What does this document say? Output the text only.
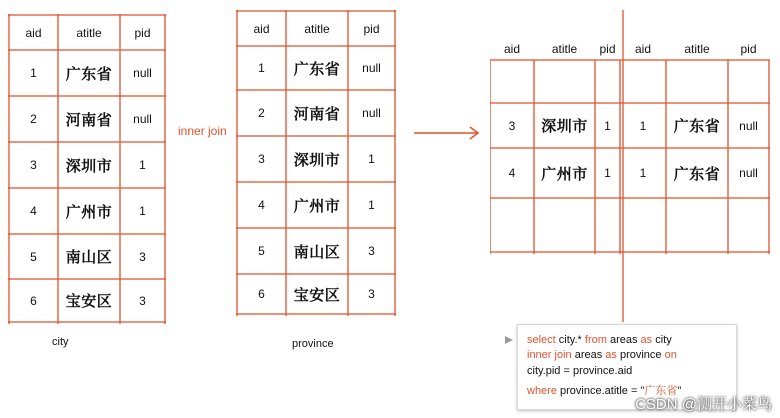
aid	atitle	pid
1	广东省	null
2	河南省	null
3	深圳市	1
4	广州市	1
5	南山区	3
6	宝安区	3
city
inner join
aid	atitle	pid
1	广东省	null
2	河南省	null
3	深圳市	1
4	广州市	1
5	南山区	3
6	宝安区	3
province
aid	atitle	pid	aid	atitle	pid
3	深圳市	1	1	广东省	null
4	广州市	1	1	广东省	null
select city.* from areas as city
inner join areas as province on
city.pid = province.aid
where province.atitle = "广东省"
CSDN @测开小菜鸟
